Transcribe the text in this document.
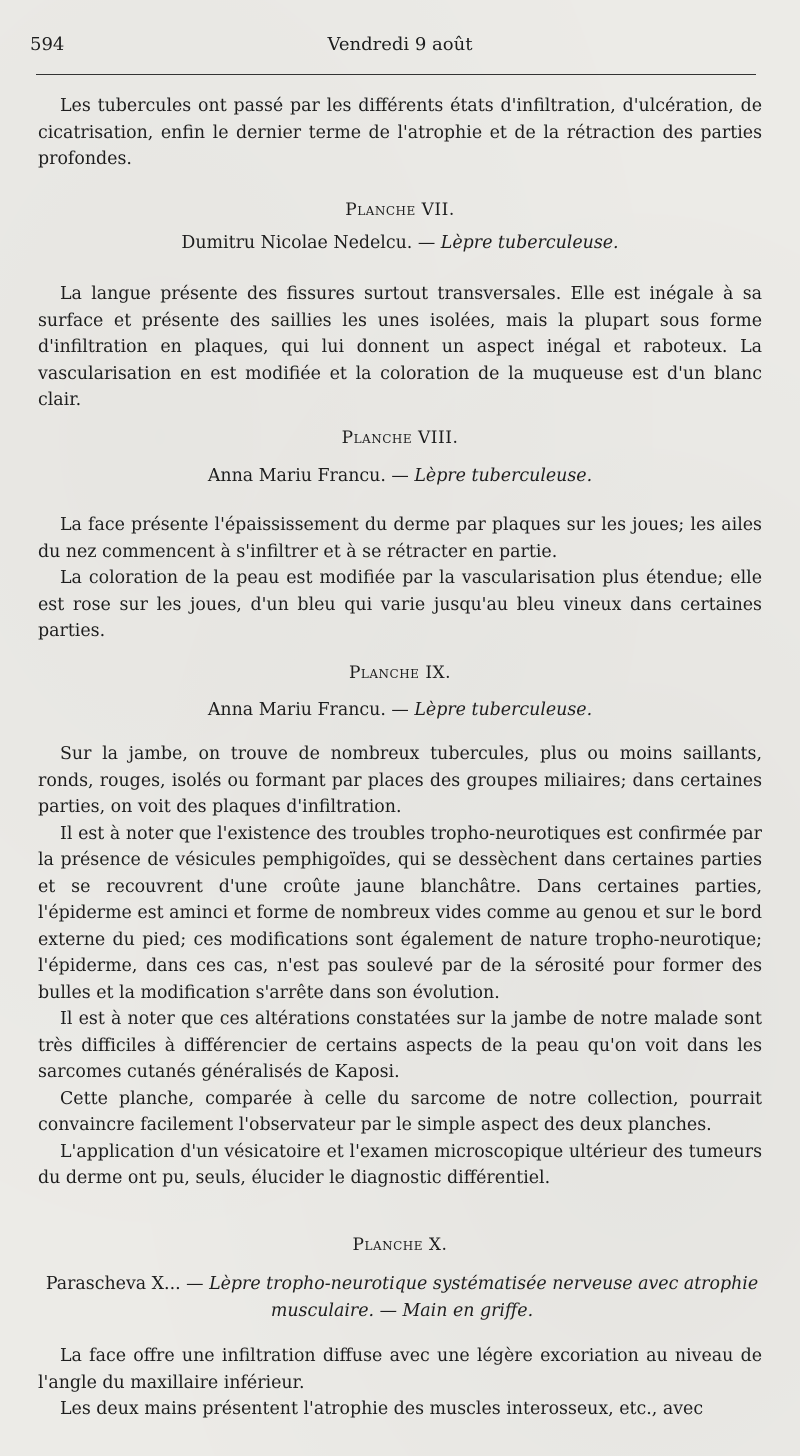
594	Vendredi 9 août

Les tubercules ont passé par les différents états d'infiltration, d'ulcération, de cicatrisation, enfin le dernier terme de l'atrophie et de la rétraction des parties profondes.

Planche VII.
Dumitru Nicolae Nedelcu. — Lèpre tuberculeuse.

La langue présente des fissures surtout transversales. Elle est inégale à sa surface et présente des saillies les unes isolées, mais la plupart sous forme d'infiltration en plaques, qui lui donnent un aspect inégal et raboteux. La vascularisation en est modifiée et la coloration de la muqueuse est d'un blanc clair.

Planche VIII.
Anna Mariu Francu. — Lèpre tuberculeuse.

La face présente l'épaississement du derme par plaques sur les joues; les ailes du nez commencent à s'infiltrer et à se rétracter en partie.

La coloration de la peau est modifiée par la vascularisation plus étendue; elle est rose sur les joues, d'un bleu qui varie jusqu'au bleu vineux dans certaines parties.

Planche IX.
Anna Mariu Francu. — Lèpre tuberculeuse.

Sur la jambe, on trouve de nombreux tubercules, plus ou moins saillants, ronds, rouges, isolés ou formant par places des groupes miliaires; dans certaines parties, on voit des plaques d'infiltration.

Il est à noter que l'existence des troubles tropho-neurotiques est confirmée par la présence de vésicules pemphigoïdes, qui se dessèchent dans certaines parties et se recouvrent d'une croûte jaune blanchâtre. Dans certaines parties, l'épiderme est aminci et forme de nombreux vides comme au genou et sur le bord externe du pied; ces modifications sont également de nature tropho-neurotique; l'épiderme, dans ces cas, n'est pas soulevé par de la sérosité pour former des bulles et la modification s'arrête dans son évolution.

Il est à noter que ces altérations constatées sur la jambe de notre malade sont très difficiles à différencier de certains aspects de la peau qu'on voit dans les sarcomes cutanés généralisés de Kaposi.

Cette planche, comparée à celle du sarcome de notre collection, pourrait convaincre facilement l'observateur par le simple aspect des deux planches.

L'application d'un vésicatoire et l'examen microscopique ultérieur des tumeurs du derme ont pu, seuls, élucider le diagnostic différentiel.

Planche X.
Parascheva X... — Lèpre tropho-neurotique systématisée nerveuse avec atrophie musculaire. — Main en griffe.

La face offre une infiltration diffuse avec une légère excoriation au niveau de l'angle du maxillaire inférieur.

Les deux mains présentent l'atrophie des muscles interosseux, etc., avec
